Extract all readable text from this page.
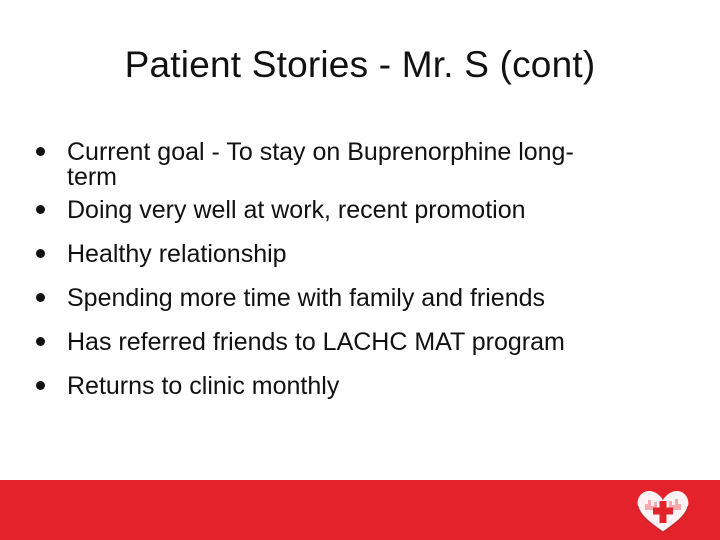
Patient Stories - Mr. S (cont)
Current goal - To stay on Buprenorphine long-
term
Doing very well at work, recent promotion
Healthy relationship
Spending more time with family and friends
Has referred friends to LACHC MAT program
Returns to clinic monthly
